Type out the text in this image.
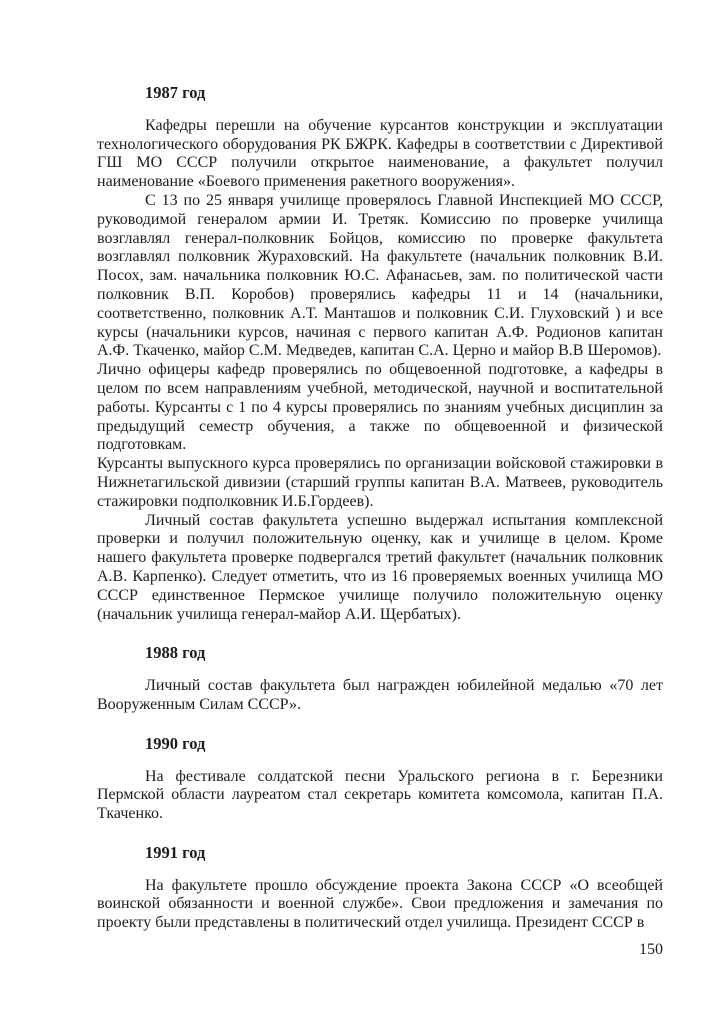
1987 год

Кафедры перешли на обучение курсантов конструкции и эксплуатации технологического оборудования РК БЖРК. Кафедры в соответствии с Директивой ГШ МО СССР получили открытое наименование, а факультет получил наименование «Боевого применения ракетного вооружения».

С 13 по 25 января училище проверялось Главной Инспекцией МО СССР, руководимой генералом армии И. Третяк. Комиссию по проверке училища возглавлял генерал-полковник Бойцов, комиссию по проверке факультета возглавлял полковник Жураховский. На факультете (начальник полковник В.И. Посох, зам. начальника полковник Ю.С. Афанасьев, зам. по политической части полковник В.П. Коробов) проверялись кафедры 11 и 14 (начальники, соответственно, полковник А.Т. Манташов и полковник С.И. Глуховский ) и все курсы (начальники курсов, начиная с первого капитан А.Ф. Родионов капитан А.Ф. Ткаченко, майор С.М. Медведев, капитан С.А. Церно и майор В.В Шеромов).

Лично офицеры кафедр проверялись по общевоенной подготовке, а кафедры в целом по всем направлениям учебной, методической, научной и воспитательной работы. Курсанты с 1 по 4 курсы проверялись по знаниям учебных дисциплин за предыдущий семестр обучения, а также по общевоенной и физической подготовкам.

Курсанты выпускного курса проверялись по организации войсковой стажировки в Нижнетагильской дивизии (старший группы капитан В.А. Матвеев, руководитель стажировки подполковник И.Б.Гордеев).

Личный состав факультета успешно выдержал испытания комплексной проверки и получил положительную оценку, как и училище в целом. Кроме нашего факультета проверке подвергался третий факультет (начальник полковник А.В. Карпенко). Следует отметить, что из 16 проверяемых военных училища МО СССР единственное Пермское училище получило положительную оценку (начальник училища генерал-майор А.И. Щербатых).

1988 год

Личный состав факультета был награжден юбилейной медалью «70 лет Вооруженным Силам СССР».

1990 год

На фестивале солдатской песни Уральского региона в г. Березники Пермской области лауреатом стал секретарь комитета комсомола, капитан П.А. Ткаченко.

1991 год

На факультете прошло обсуждение проекта Закона СССР «О всеобщей воинской обязанности и военной службе». Свои предложения и замечания по проекту были представлены в политический отдел училища. Президент СССР в

150
